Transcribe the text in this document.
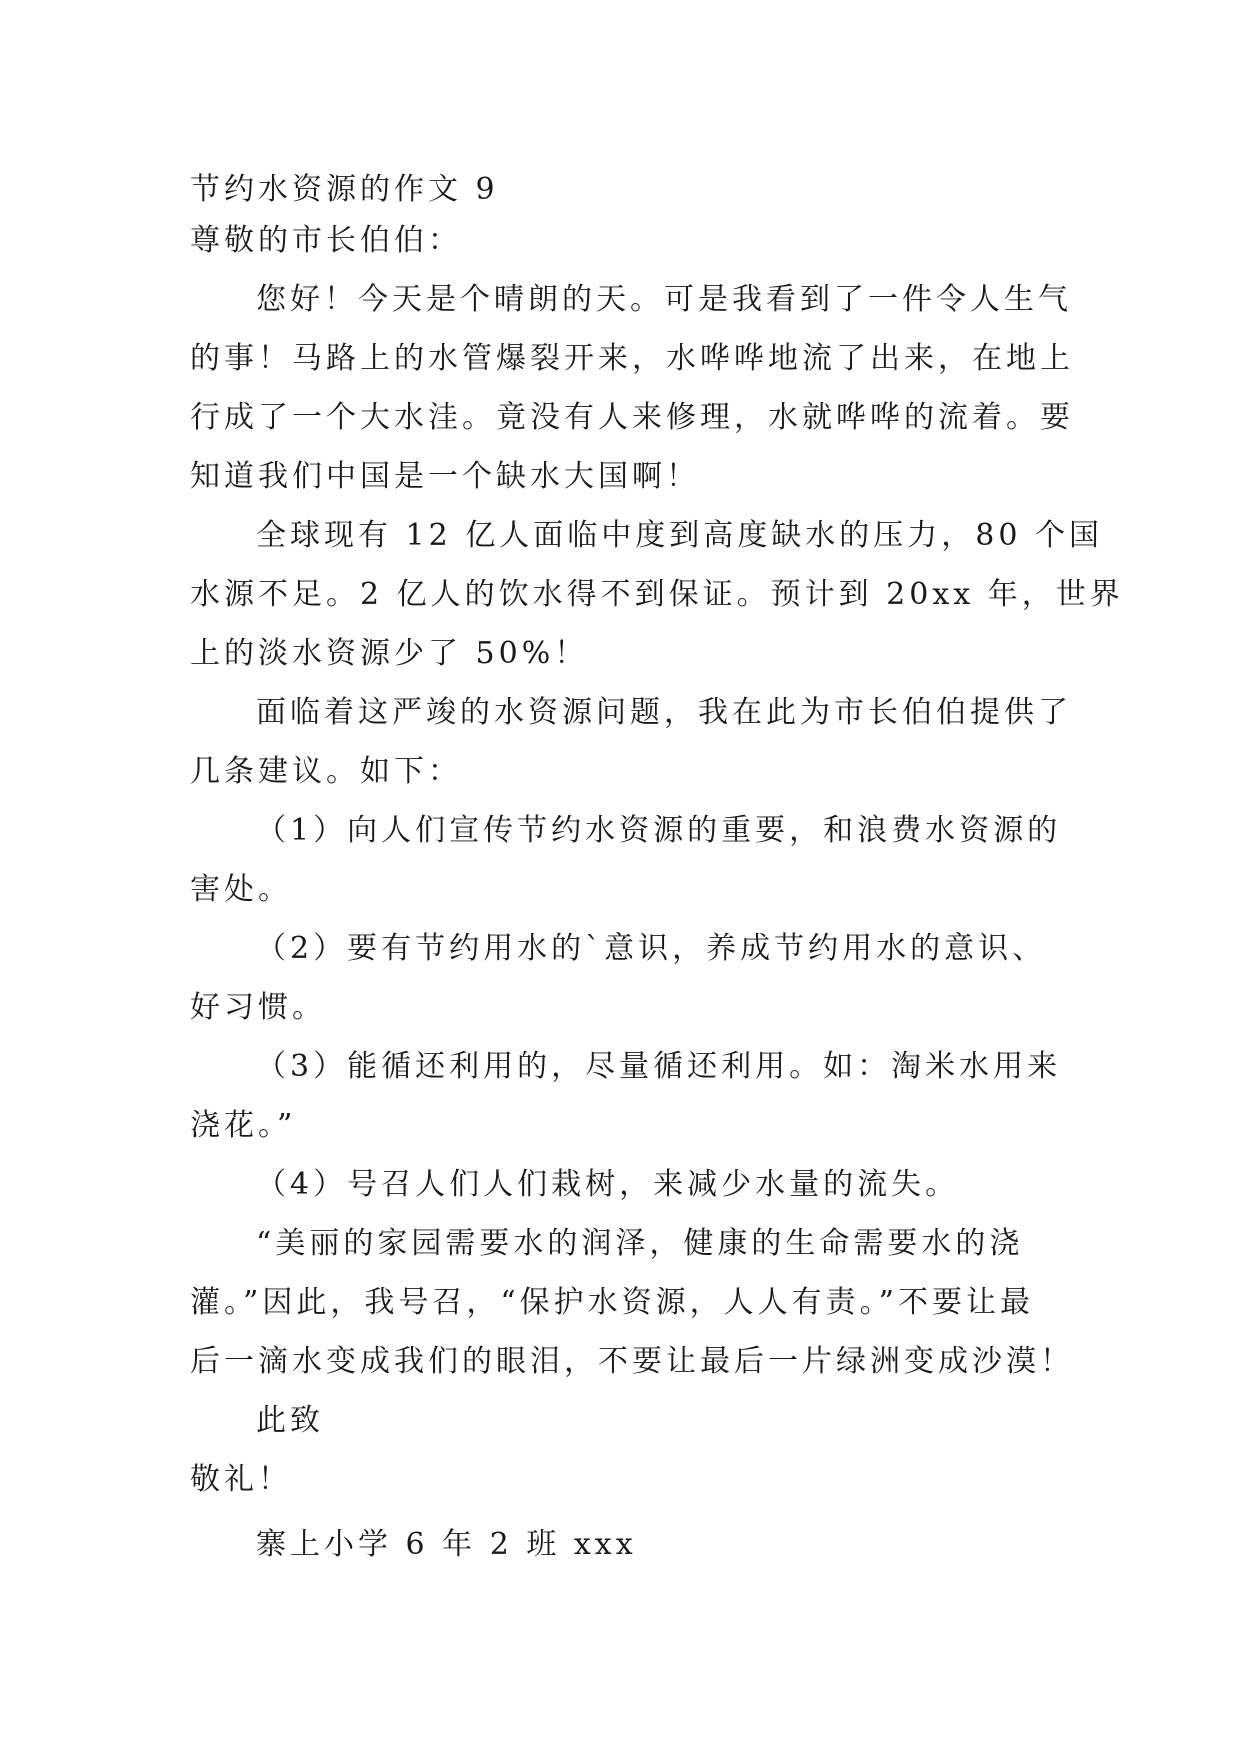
节约水资源的作文 9

尊敬的市长伯伯：

您好！今天是个晴朗的天。可是我看到了一件令人生气

的事！马路上的水管爆裂开来，水哗哗地流了出来，在地上

行成了一个大水洼。竟没有人来修理，水就哗哗的流着。要

知道我们中国是一个缺水大国啊！

全球现有 12 亿人面临中度到高度缺水的压力，80 个国

水源不足。2 亿人的饮水得不到保证。预计到 20xx 年，世界

上的淡水资源少了 50%！

面临着这严竣的水资源问题，我在此为市长伯伯提供了

几条建议。如下：

（1）向人们宣传节约水资源的重要，和浪费水资源的

害处。

（2）要有节约用水的`意识，养成节约用水的意识、

好习惯。

（3）能循还利用的，尽量循还利用。如：淘米水用来

浇花。”

（4）号召人们人们栽树，来减少水量的流失。

“美丽的家园需要水的润泽，健康的生命需要水的浇

灌。”因此，我号召，“保护水资源，人人有责。”不要让最

后一滴水变成我们的眼泪，不要让最后一片绿洲变成沙漠！

此致

敬礼！

寨上小学 6 年 2 班 xxx
